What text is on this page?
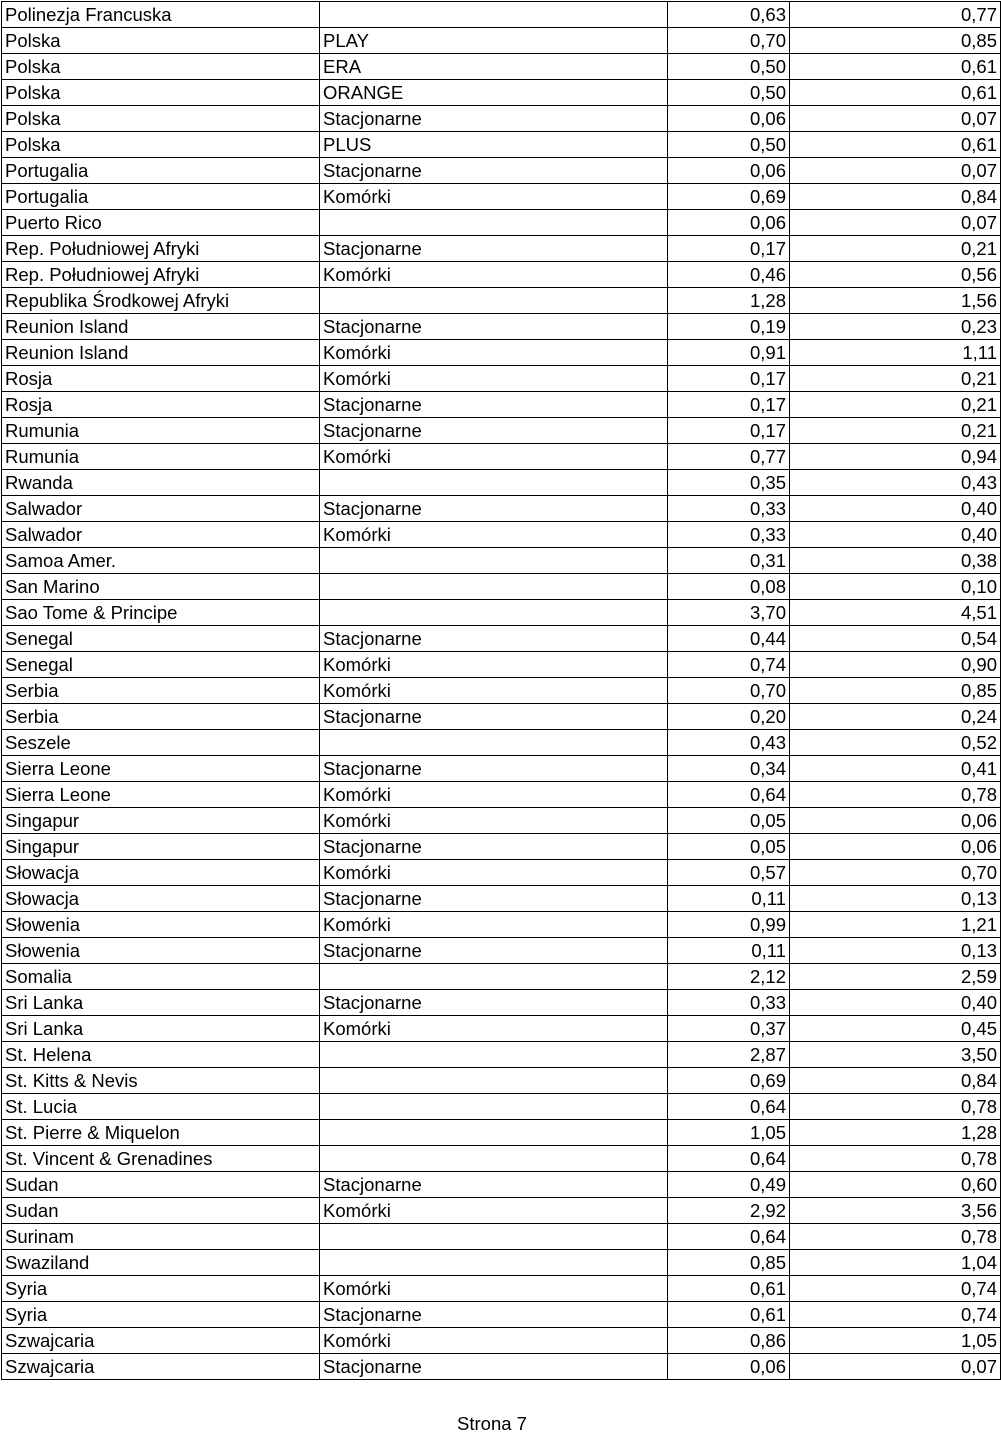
Polinezja Francuska		0,63	0,77
Polska	PLAY	0,70	0,85
Polska	ERA	0,50	0,61
Polska	ORANGE	0,50	0,61
Polska	Stacjonarne	0,06	0,07
Polska	PLUS	0,50	0,61
Portugalia	Stacjonarne	0,06	0,07
Portugalia	Komórki	0,69	0,84
Puerto Rico		0,06	0,07
Rep. Południowej Afryki	Stacjonarne	0,17	0,21
Rep. Południowej Afryki	Komórki	0,46	0,56
Republika Środkowej Afryki		1,28	1,56
Reunion Island	Stacjonarne	0,19	0,23
Reunion Island	Komórki	0,91	1,11
Rosja	Komórki	0,17	0,21
Rosja	Stacjonarne	0,17	0,21
Rumunia	Stacjonarne	0,17	0,21
Rumunia	Komórki	0,77	0,94
Rwanda		0,35	0,43
Salwador	Stacjonarne	0,33	0,40
Salwador	Komórki	0,33	0,40
Samoa Amer.		0,31	0,38
San Marino		0,08	0,10
Sao Tome & Principe		3,70	4,51
Senegal	Stacjonarne	0,44	0,54
Senegal	Komórki	0,74	0,90
Serbia	Komórki	0,70	0,85
Serbia	Stacjonarne	0,20	0,24
Seszele		0,43	0,52
Sierra Leone	Stacjonarne	0,34	0,41
Sierra Leone	Komórki	0,64	0,78
Singapur	Komórki	0,05	0,06
Singapur	Stacjonarne	0,05	0,06
Słowacja	Komórki	0,57	0,70
Słowacja	Stacjonarne	0,11	0,13
Słowenia	Komórki	0,99	1,21
Słowenia	Stacjonarne	0,11	0,13
Somalia		2,12	2,59
Sri Lanka	Stacjonarne	0,33	0,40
Sri Lanka	Komórki	0,37	0,45
St. Helena		2,87	3,50
St. Kitts & Nevis		0,69	0,84
St. Lucia		0,64	0,78
St. Pierre & Miquelon		1,05	1,28
St. Vincent & Grenadines		0,64	0,78
Sudan	Stacjonarne	0,49	0,60
Sudan	Komórki	2,92	3,56
Surinam		0,64	0,78
Swaziland		0,85	1,04
Syria	Komórki	0,61	0,74
Syria	Stacjonarne	0,61	0,74
Szwajcaria	Komórki	0,86	1,05
Szwajcaria	Stacjonarne	0,06	0,07
Strona 7
